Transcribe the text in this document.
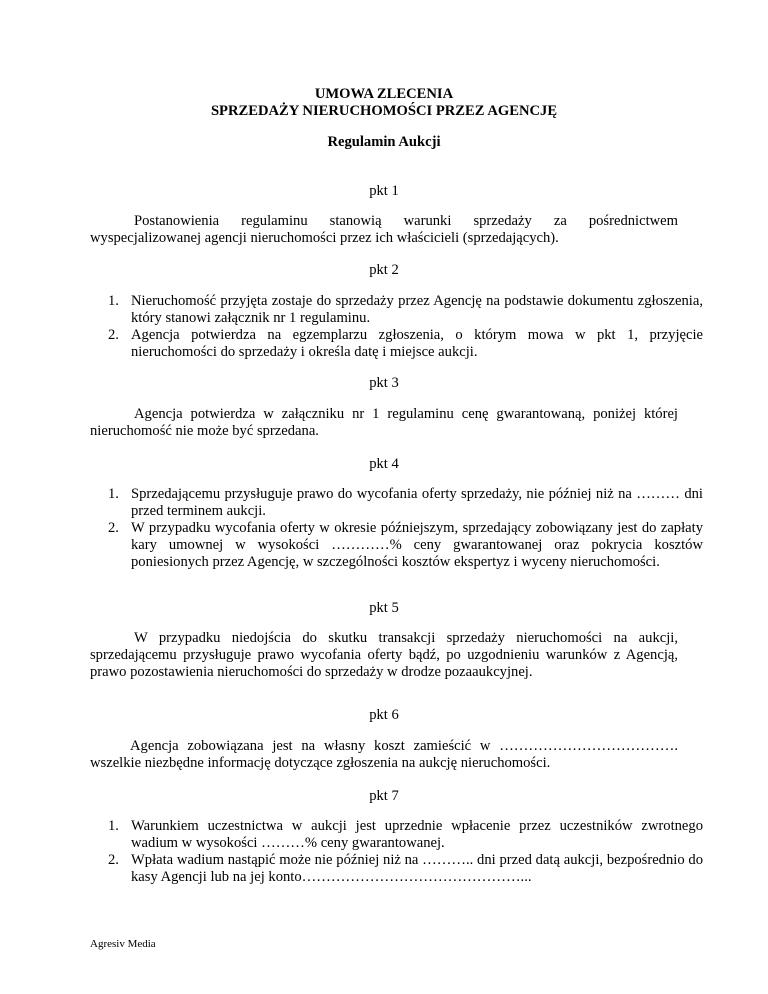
UMOWA ZLECENIA
SPRZEDAŻY NIERUCHOMOŚCI PRZEZ AGENCJĘ
Regulamin Aukcji
pkt 1
Postanowienia regulaminu stanowią warunki sprzedaży za pośrednictwem wyspecjalizowanej agencji nieruchomości przez ich właścicieli (sprzedających).
pkt 2
Nieruchomość przyjęta zostaje do sprzedaży przez Agencję na podstawie dokumentu zgłoszenia, który stanowi załącznik nr 1 regulaminu.
Agencja potwierdza na egzemplarzu zgłoszenia, o którym mowa w pkt 1, przyjęcie nieruchomości do sprzedaży i określa datę i miejsce aukcji.
pkt 3
Agencja potwierdza w załączniku nr 1 regulaminu cenę gwarantowaną, poniżej której nieruchomość nie może być sprzedana.
pkt 4
Sprzedającemu przysługuje prawo do wycofania oferty sprzedaży, nie później niż na ……… dni przed terminem aukcji.
W przypadku wycofania oferty w okresie późniejszym, sprzedający zobowiązany jest do zapłaty kary umownej w wysokości …………% ceny gwarantowanej oraz pokrycia kosztów poniesionych przez Agencję, w szczególności kosztów ekspertyz i wyceny nieruchomości.
pkt 5
W przypadku niedojścia do skutku transakcji sprzedaży nieruchomości na aukcji, sprzedającemu przysługuje prawo wycofania oferty bądź, po uzgodnieniu warunków z Agencją, prawo pozostawienia nieruchomości do sprzedaży w drodze pozaaukcyjnej.
pkt 6
Agencja zobowiązana jest na własny koszt zamieścić w ………………………………. wszelkie niezbędne informację dotyczące zgłoszenia na aukcję nieruchomości.
pkt 7
Warunkiem uczestnictwa w aukcji jest uprzednie wpłacenie przez uczestników zwrotnego wadium w wysokości ………% ceny gwarantowanej.
Wpłata wadium nastąpić może nie później niż na ……….. dni przed datą aukcji, bezpośrednio do kasy Agencji lub na jej konto………………………………………...
Agresiv Media
